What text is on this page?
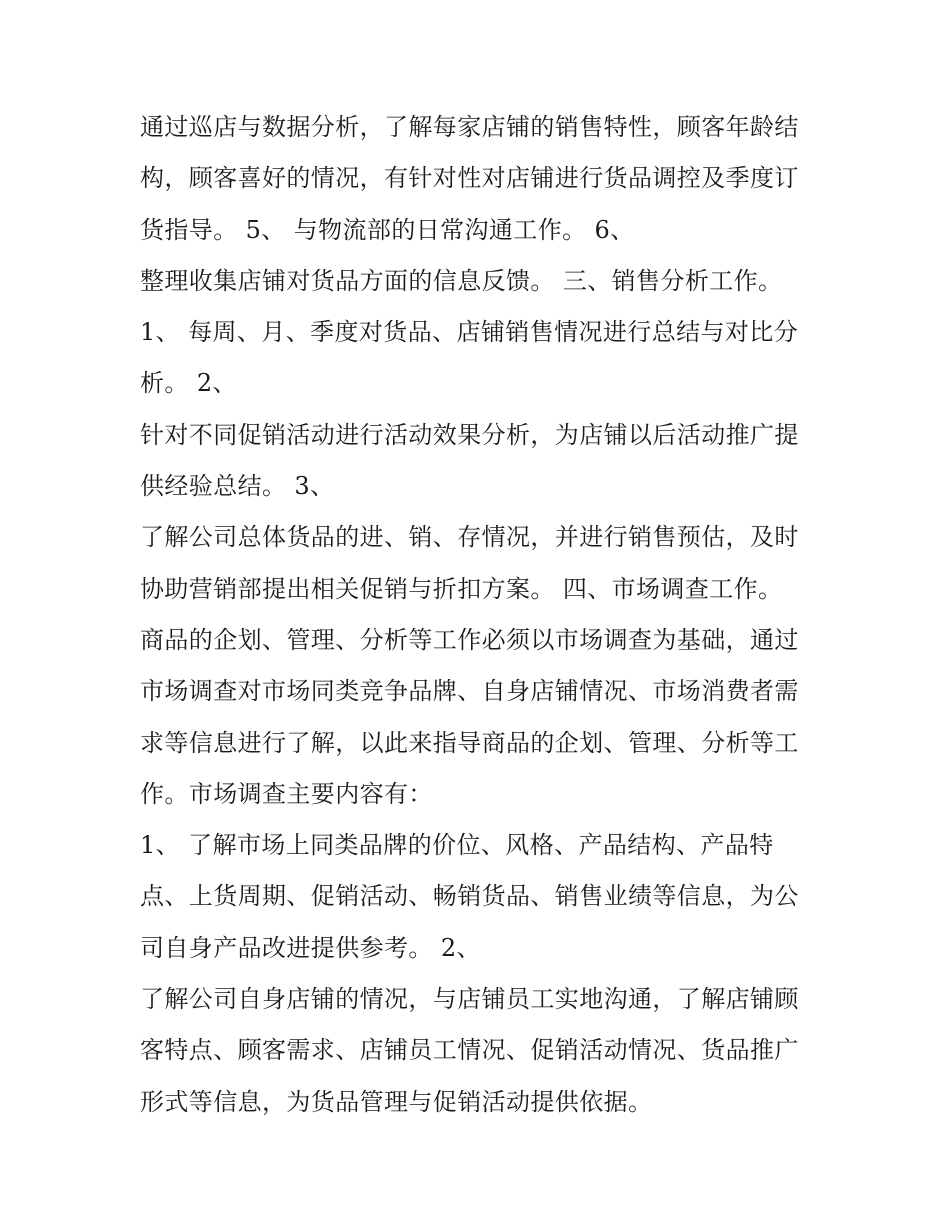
通过巡店与数据分析，了解每家店铺的销售特性，顾客年龄结
构，顾客喜好的情况，有针对性对店铺进行货品调控及季度订
货指导。 5、 与物流部的日常沟通工作。 6、
整理收集店铺对货品方面的信息反馈。 三、销售分析工作。
1、 每周、月、季度对货品、店铺销售情况进行总结与对比分
析。 2、
针对不同促销活动进行活动效果分析，为店铺以后活动推广提
供经验总结。 3、
了解公司总体货品的进、销、存情况，并进行销售预估，及时
协助营销部提出相关促销与折扣方案。 四、市场调查工作。
商品的企划、管理、分析等工作必须以市场调查为基础，通过
市场调查对市场同类竞争品牌、自身店铺情况、市场消费者需
求等信息进行了解，以此来指导商品的企划、管理、分析等工
作。市场调查主要内容有：
1、 了解市场上同类品牌的价位、风格、产品结构、产品特
点、上货周期、促销活动、畅销货品、销售业绩等信息，为公
司自身产品改进提供参考。 2、
了解公司自身店铺的情况，与店铺员工实地沟通，了解店铺顾
客特点、顾客需求、店铺员工情况、促销活动情况、货品推广
形式等信息，为货品管理与促销活动提供依据。
